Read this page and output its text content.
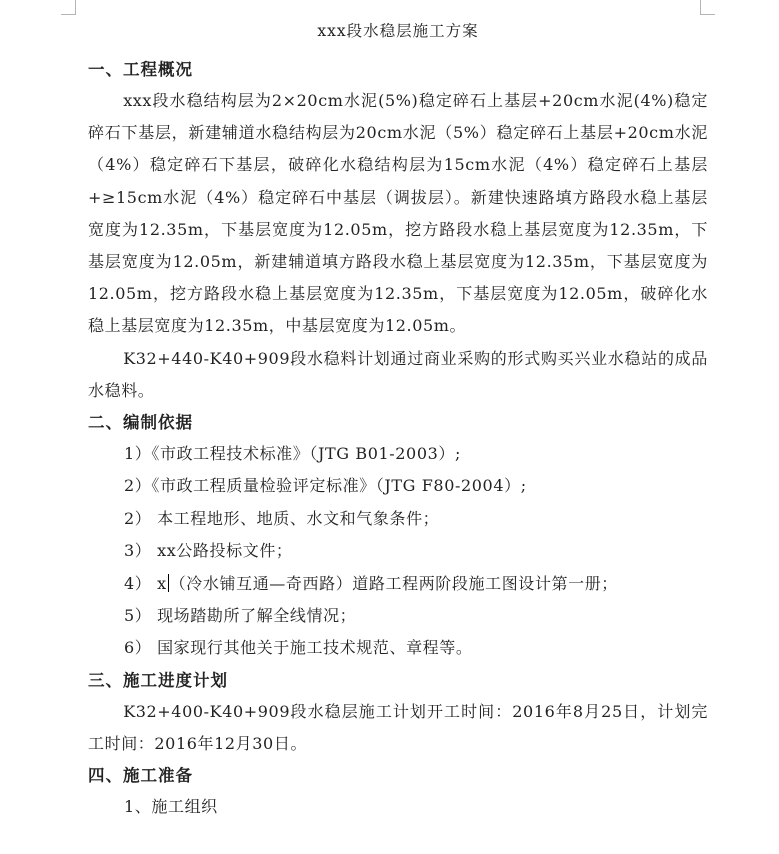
xxx段水稳层施工方案

一、工程概况

xxx段水稳结构层为2×20cm水泥(5%)稳定碎石上基层+20cm水泥(4%)稳定碎石下基层，新建辅道水稳结构层为20cm水泥（5%）稳定碎石上基层+20cm水泥（4%）稳定碎石下基层，破碎化水稳结构层为15cm水泥（4%）稳定碎石上基层+≥15cm水泥（4%）稳定碎石中基层（调拔层）。新建快速路填方路段水稳上基层宽度为12.35m，下基层宽度为12.05m，挖方路段水稳上基层宽度为12.35m，下基层宽度为12.05m，新建辅道填方路段水稳上基层宽度为12.35m，下基层宽度为12.05m，挖方路段水稳上基层宽度为12.35m，下基层宽度为12.05m，破碎化水稳上基层宽度为12.35m，中基层宽度为12.05m。

K32+440-K40+909段水稳料计划通过商业采购的形式购买兴业水稳站的成品水稳料。

二、编制依据

1）《市政工程技术标准》（JTG B01-2003）;

2）《市政工程质量检验评定标准》（JTG F80-2004）;

2） 本工程地形、地质、水文和气象条件；

3） xx公路投标文件；

4） x （冷水铺互通—奇西路）道路工程两阶段施工图设计第一册；

5） 现场踏勘所了解全线情况；

6） 国家现行其他关于施工技术规范、章程等。

三、施工进度计划

K32+400-K40+909段水稳层施工计划开工时间：2016年8月25日，计划完工时间：2016年12月30日。

四、施工准备

1、施工组织
